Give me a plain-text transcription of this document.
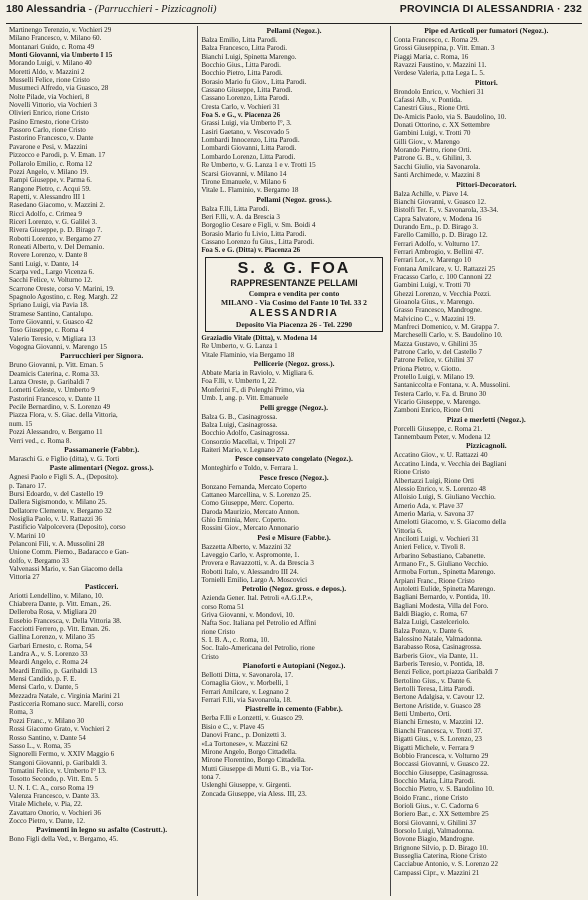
180 Alessandria - (Parrucchieri - Pizzicagnoli)	PROVINCIA DI ALESSANDRIA · 232
Martinengo Terenzio, v. Vochieri 29
Milano Francesco, v. Milano 60.
Montanari Guido, c. Roma 49
Monti Giovanni, via Umberto I 15
Morando Luigi, v. Milano 40
Moretti Aldo, v. Mazzini 2
Musselli Felice, rione Cristo
Musumeci Alfredo, via Guasco, 28
Nolte Pilade, via Vochieri, 8
Novelli Vittorio, via Vochieri 3
Olivieri Enrico, rione Cristo
Pasino Ernesto, rione Cristo
Passoro Carlo, rione Cristo
Pastorino Francesco, v. Dante
Pavarone e Pesi, v. Mazzini
Pizzocco e Parodi, p. V. Eman. 17
Pollarolo Emilio, c. Roma 12
Pozzi Angelo, v. Milano 19.
Rampi Giuseppe, v. Parma 6.
Rangone Pietro, c. Acqui 59.
Rapetti, v. Alessandro III 1
Rasedano Giacomo, v. Mazzini 2.
Ricci Adolfo, c. Crimea 9
Riceri Lorenzo, v. G. Galilei 3.
Rivera Giuseppe, p. D. Birago 7.
Robotti Lorenzo, v. Bergamo 27
Roneati Alberto, v. Del Demanio.
Rovere Lorenzo, v. Dante 8
Santi Luigi, v. Dante, 14
Scarpa ved., Largo Vicenza 6.
Sacchi Felice, v. Volturno 12.
Scarrone Oreste, corso V. Marini, 19.
Spagnolo Agostino, c. Reg. Margh. 22
Spriano Luigi, via Pavia 18.
Stramese Santino, Cantalupo.
Torre Giovanni, v. Guasco 42
Toso Giuseppe, c. Roma 4
Valerio Teresio, v. Migliara 13
Vogogna Giovanni, v. Marengo 15
Parrucchieri per Signora.
Bruno Giovanni, p. Vitt. Eman. 5
Deamicis Caterina, c. Roma 33.
Lanza Oreste, p. Garibaldi 7
Lometti Celeste, v. Umberto 9
Pastorini Francesco, v. Dante 11
Pecile Bernardino, v. S. Lorenzo 49
Piazza Flora, v. S. Giac. della Vittoria,
num. 15
Pozzi Alessandro, v. Bergamo 11
Verri ved., c. Roma 8.
Passamanerie (Fabbr.).
Maraschi G. e Figlio (ditta), v. G. Torti
Paste alimentari (Negoz. gross.).
Agnesi Paolo e Figli S. A., (Deposito).
p. Tanaro 17.
Bursi Edoardo, v. del Castello 19
Dallera Sigismondo, v. Milano 25.
Dellatorre Clemente, v. Bergamo 32
Nosiglia Paolo, v. U. Rattazzi 36
Pastificio Valpolcevera (Deposito), corso
V. Marini 10
Pelanconi Fili, v. A. Mussolini 28
Unione Comm. Piemo., Badaracco e Gan-
dolfo, v. Bergamo 33
Valvenassi Mario, v. San Giacomo della
Vittoria 27
Pasticceri.
Ariotti Lendellino, v. Milano, 10.
Chiabrera Dante, p. Vitt. Eman., 26.
Delleroba Rosa, v. Migliara 20
Eusebio Francesca, v. Della Vittoria 38.
Facciotti Ferrero, p. Vitt. Eman. 26.
Gallina Lorenzo, v. Milano 35
Garbari Ernesto, c. Roma, 54
Landra A., v. S. Lorenzo 33
Meardi Angelo, c. Roma 24
Meardi Emilio, p. Garibaldi 13
Mensi Candido, p. F. E.
Mensi Carlo, v. Dante, 5
Mezzadra Natale, c. Virginia Marini 21
Pasticceria Romano succ. Marelli, corso
Roma, 3
Pozzi Franc., v. Milano 30
Rossi Giacomo Grato, v. Vochieri 2
Rosso Santino, v. Dante 54
Sasso L., v. Roma, 35
Signorelli Fermo, v. XXIV Maggio 6
Stangoni Giovanni, p. Garibaldi 3.
Tomatini Felice, v. Umberto I° 13.
Tosotto Secondo, p. Vitt. Em. 5
U. N. I. C. A., corso Roma 19
Valenza Francesco, v. Dante 33.
Vitale Michele, v. Pia, 22.
Zavattaro Onorio, v. Vochieri 36
Zocco Pietro, v. Dante, 12.
Pavimenti in legno su asfalto (Costrutt.).
Bono Figli della Ved., v. Bergamo, 45.
Pellami (Negoz.).
Balza Emilio, Litta Parodi.
Balza Francesco, Litta Parodi.
Bianchi Luigi, Spinetta Marengo.
Bocchio Gius., Litta Parodi.
Bocchio Pietro, Litta Parodi.
Borasio Mario fu Giov., Litta Parodi.
Cassano Giuseppe, Litta Parodi.
Cassano Lorenzo, Litta Parodi.
Cresta Carlo, v. Vochieri 31
Foa S. e G., v. Piacenza 26
Grassi Luigi, via Umberto I°, 3.
Lasiri Gaetano, v. Vescovado 5
Lombardi Innocenzo, Litta Parodi.
Lombardi Giovanni, Litta Parodi.
Lombardo Lorenzo, Litta Parodi.
Re Umberto, v. G. Lanza 1 e v. Trotti 15
Scarsi Giovanni, v. Milano 14
Tirone Emanuele, v. Milano 6
Vitale L. Flaminio, v. Bergamo 18
Pellami (Negoz. gross.).
Balza F.lli, Litta Parodi.
Beri F.lli, v. A. da Brescia 3
Borgoglio Cesare e Figli, v. Sm. Boidi 4
Borasio Mario fu Livio, Litta Parodi.
Cassano Lorenzo fu Gius., Litta Parodi.
Foa S. e G. (Ditta) v. Piacenza 26
S. & G. FOA
RAPPRESENTANZE PELLAMI
Compra e vendita per conto
MILANO - Via Cosimo del Fante 10 Tel. 33 2
ALESSANDRIA
Deposito Via Piacenza 26 - Tel. 2290
Graziadio Vitale (Ditta), v. Modena 14
Re Umberto, v. G. Lanza 1
Vitale Flaminio, via Bergamo 18
Pellicerie (Negoz. gross.).
Abbate Maria in Raviolo, v. Migliara 6.
Foa F.lli, v. Umberto I, 22.
Monferini F., di Polenghi Primo, via
Umb. I, ang. p. Vitt. Emanuele
Pelli gregge (Negoz.).
Balza G. B., Casinagrossa.
Balza Luigi, Casinagrossa.
Bocchio Adolfo, Casinagrossa.
Consorzio Macellai, v. Tripoli 27
Raiteri Mario, v. Legnano 27
Pesce conservato congelato (Negoz.).
Monteghirfo e Toldo, v. Ferrara 1.
Pesce fresco (Negoz.).
Bonzano Fernanda, Mercato Coperto
Cattaneo Marcellina, v. S. Lorenzo 25.
Como Giuseppe, Merc. Coperto.
Daroda Maurizio, Mercato Annon.
Ghio Erminia, Merc. Coperto.
Rossini Giov., Mercato Annonario
Pesi e Misure (Fabbr.).
Bazzetta Alberto, v. Mazzini 32
Laveggio Carlo, v. Aspromonte, 1.
Provera e Ravazzotti, v. A. da Brescia 3
Robotti Italo, v. Alessandro III 24.
Tornielli Emilio, Largo A. Moscovici
Petrolio (Negoz. gross. e depos.).
Azienda Gener. Ital. Petroli «A.G.I.P.»,
corso Roma 51
Griva Giovanni, v. Mondovi, 10.
Nafta Soc. Italiana pel Petrolio ed Affini
rione Cristo
S. I. B. A., c. Roma, 10.
Soc. Italo-Americana del Petrolio, rione
Cristo
Pianoforti e Autopiani (Negoz.).
Bellotti Ditta, v. Savonarola, 17.
Cornaglia Giov., v. Morbelli, 1
Ferrari Amilcare, v. Legnano 2
Ferrari F.lli, via Savonarola, 18.
Piastrelle in cemento (Fabbr.).
Berba F.lli e Lonzetti, v. Guasco 29.
Bisio e C., v. Plave 45
Danovi Franc., p. Donizetti 3.
«La Tortonese», v. Mazzini 62
Mirone Angelo, Borgo Cittadella.
Mirone Florentino, Borgo Cittadella.
Mutti Giuseppe di Mutti G. B., via Tor-
tona 7.
Uslenghi Giuseppe, v. Girgenti.
Zoncada Giuseppe, via Aless. III, 23.
Pipe ed Articoli per fumatori (Negoz.).
Conta Francesco, c. Roma 29.
Grossi Giuseppina, p. Vitt. Eman. 3
Piaggi Maria, c. Roma, 16
Ravazzi Faustino, v. Mazzini 11.
Verdese Valeria, p.tta Lega L. 5.
Pittori.
Brondolo Enrico, v. Vochieri 31
Cafassi Alb., v. Pontida.
Canestri Gius., Rione Orti.
De-Amicis Paolo, via S. Baudolino, 10.
Donati Ottorino, c. XX Settembre
Gambini Luigi, v. Trotti 70
Gilli Giov., v. Marengo
Morando Pietro, rione Orti.
Patrone G. B., v. Ghilini, 3.
Sacchi Giulio, via Savonarola.
Santi Archimede, v. Mazzini 8
Pittori-Decoratori.
Balza Achille, v. Piave 14.
Bianchi Giovanni, v. Guasco 12.
Bistolfi Ter. F., v. Savonarola, 33-34.
Capra Salvatore, v. Modena 16
Durando Ern., p. D. Birago 3.
Farello Camillo, p. D. Birago 12.
Ferrari Adolfo, v. Volturno 17.
Ferrari Ambrogio, v. Bellini 47.
Ferrari Lor., v. Marengo 10
Fontana Amilcare, v. U. Rattazzi 25
Fracasso Carlo, c. 100 Cannoni 22
Gambini Luigi, v. Trotti 70
Ghezzi Lorenzo, v. Vecchia Pozzi.
Gioanola Gius., v. Marengo.
Grasso Francesco, Mandrogne.
Malvicino C., v. Mazzini 19.
Manfreci Domenico, v. M. Grappa 7.
Marcheselli Carlo, v. S. Baudolino 10.
Mazza Gustavo, v. Ghilini 35
Patrone Carlo, v. del Castello 7
Patrone Felice, v. Ghilini 37
Priona Pietro, v. Giotto.
Protello Luigi, v. Milano 19.
Santaniccolta e Fontana, v. A. Mussolini.
Testera Carlo, v. Fa. d. Bruno 30
Vicario Giuseppe, v. Marengo.
Zamboni Enrico, Rione Orti
Pizzi e merletti (Negoz.).
Porcelli Giuseppe, c. Roma 21.
Tannembaum Peter, v. Modena 12
Pizzicagnoli.
Accatino Giov., v. U. Rattazzi 40
Accatino Linda, v. Vecchia dei Bagliani
Rione Cristo
Albertazzi Luigi, Rione Orti
Alessio Enrico, v. S. Lorenzo 48
Alloisio Luigi, S. Giuliano Vecchio.
Amerio Ada, v. Plave 37
Amerio Maria, v. Savona 37
Amelotti Giacomo, v. S. Giacomo della
Vittoria 6.
Ancilotti Luigi, v. Vochieri 31
Anieri Felice, v. Tivoli 8.
Arbarino Sebastiano, Cabanette.
Armano Fr., S. Giuliano Vecchio.
Armoba Fortun., Spinetta Marengo.
Arpiani Franc., Rione Cristo
Autoletti Eulide, Spinetta Marengo.
Bagliani Bernardo, v. Pontida, 10.
Bagliani Modesta, Villa del Foro.
Baldi Biagio, c. Roma, 67
Balza Luigi, Castelceriolo.
Balza Ponzo, v. Dante 6.
Balossino Natale, Valmadonna.
Barabasso Rosa, Casinagrossa.
Barberis Giov., via Dante, 11.
Barberis Teresio, v. Pontida, 18.
Benzi Felice, port.piazza Garibaldi 7
Bertolino Gius., v. Dante 6.
Bertolli Teresa, Litta Parodi.
Bertone Adalgisa, v. Cavour 12.
Bertone Aristide, v. Guasco 28
Betti Umberto, Orti.
Bianchi Ernesto, v. Mazzini 12.
Bianchi Francesca, v. Trotti 37.
Bigatti Gius., v. S. Lorenzo, 23
Bigatti Michele, v. Ferrara 9
Bobbio Francesca, v. Volturno 29
Boccassi Giovanni, v. Guasco 22.
Bocchio Giuseppe, Casinagrossa.
Bocchio Maria, Litta Parodi.
Bocchio Pietro, v. S. Baudolino 10.
Boido Franc., rione Cristo
Borioli Gius., v. C. Cadorna 6
Boriero Bar., c. XX Settembre 25
Borsi Giovanni, v. Ghilini 37
Borsolo Luigi, Valmadonna.
Bovone Biagio, Mandrogne.
Brignone Silvio, p. D. Birago 10.
Busseglia Caterina, Rione Cristo
Cacciabue Antonio, v. S. Lorenzo 22
Campassi Cipr., v. Mazzini 21
